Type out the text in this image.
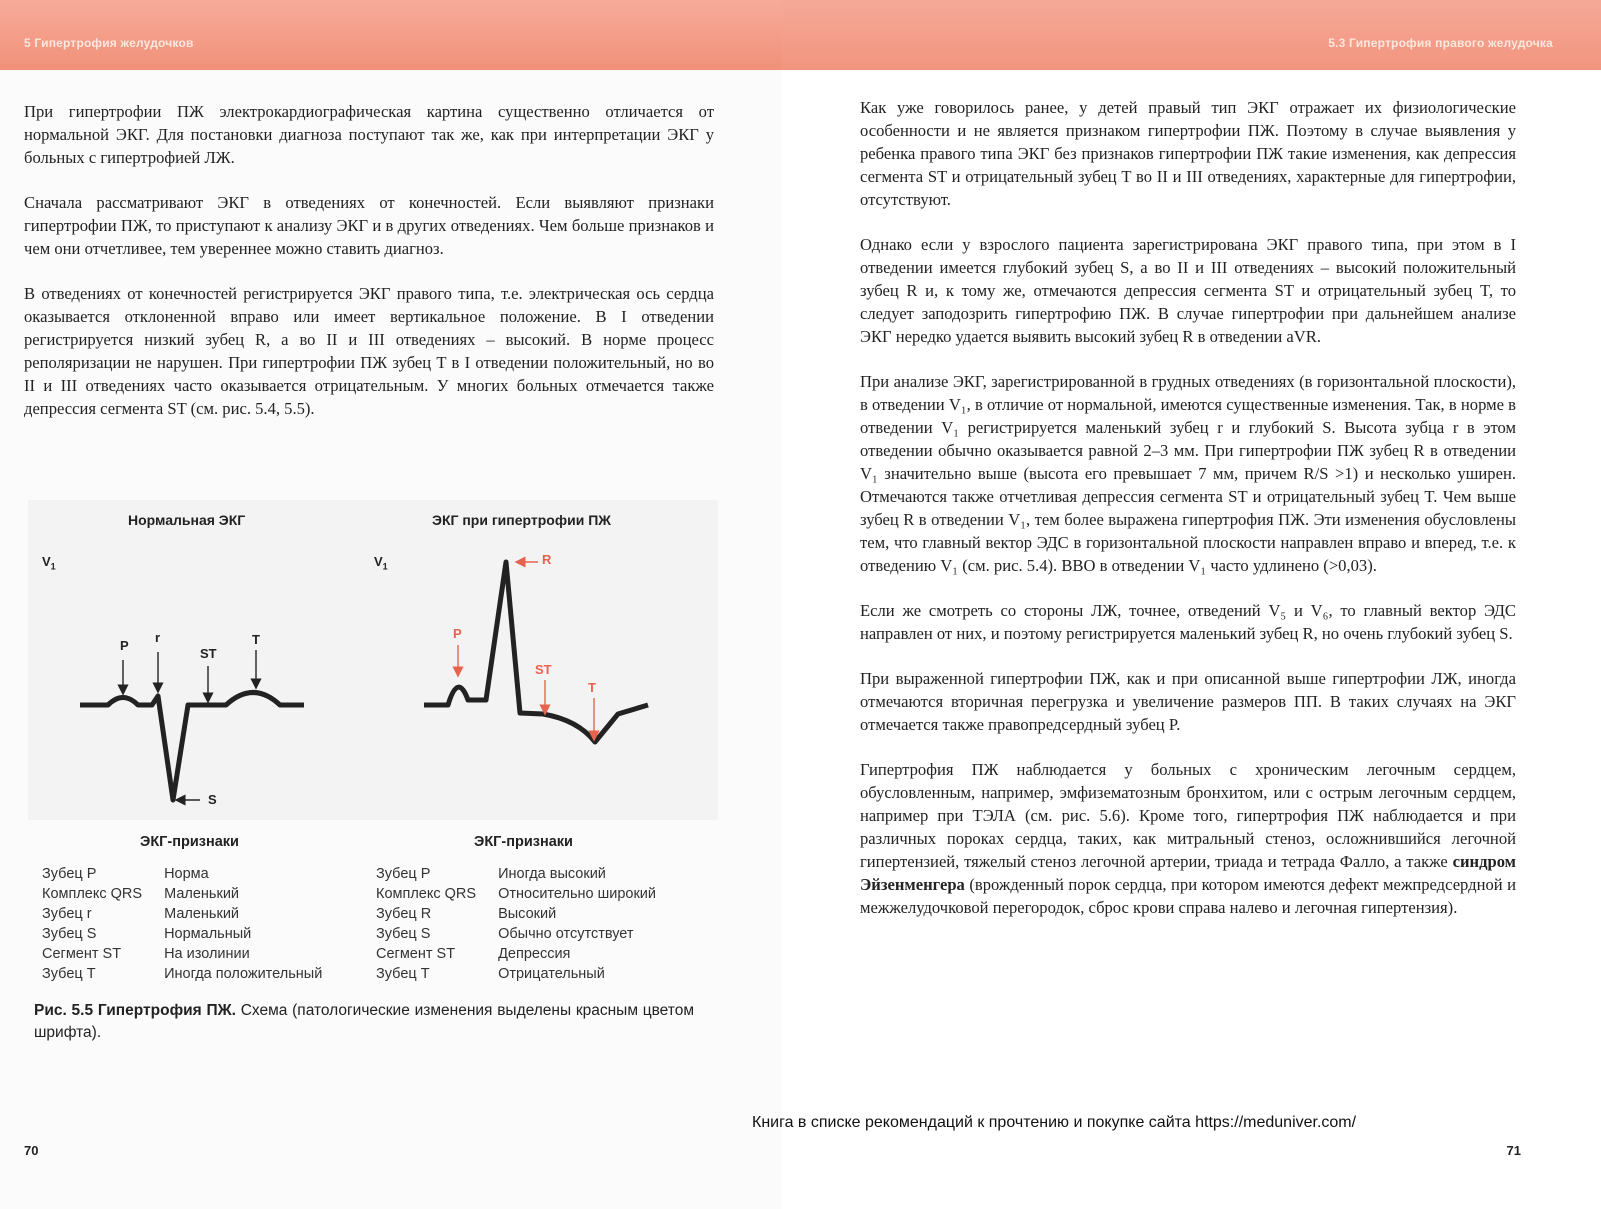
5 Гипертрофия желудочков

При гипертрофии ПЖ электрокардиографическая картина существенно отличается от нормальной ЭКГ. Для постановки диагноза поступают так же, как при интерпретации ЭКГ у больных с гипертрофией ЛЖ.

Сначала рассматривают ЭКГ в отведениях от конечностей. Если выявляют признаки гипертрофии ПЖ, то приступают к анализу ЭКГ и в других отведениях. Чем больше признаков и чем они отчетливее, тем увереннее можно ставить диагноз.

В отведениях от конечностей регистрируется ЭКГ правого типа, т.е. электрическая ось сердца оказывается отклоненной вправо или имеет вертикальное положение. В I отведении регистрируется низкий зубец R, а во II и III отведениях – высокий. В норме процесс реполяризации не нарушен. При гипертрофии ПЖ зубец T в I отведении положительный, но во II и III отведениях часто оказывается отрицательным. У многих больных отмечается также депрессия сегмента ST (см. рис. 5.4, 5.5).

Нормальная ЭКГ	ЭКГ при гипертрофии ПЖ
$V_1$	$V_1$
P
r
ST
T
S
R
P
ST
T
ЭКГ-признаки	ЭКГ-признаки
Зубец P	Норма
Комплекс QRS	Маленький
Зубец r	Маленький
Зубец S	Нормальный
Сегмент ST	На изолинии
Зубец T	Иногда положительный
Зубец P	Иногда высокий
Комплекс QRS	Относительно широкий
Зубец R	Высокий
Зубец S	Обычно отсутствует
Сегмент ST	Депрессия
Зубец T	Отрицательный
Рис. 5.5 Гипертрофия ПЖ. Схема (патологические изменения выделены красным цветом шрифта).
70
5.3 Гипертрофия правого желудочка

Как уже говорилось ранее, у детей правый тип ЭКГ отражает их физиологические особенности и не является признаком гипертрофии ПЖ. Поэтому в случае выявления у ребенка правого типа ЭКГ без признаков гипертрофии ПЖ такие изменения, как депрессия сегмента ST и отрицательный зубец T во II и III отведениях, характерные для гипертрофии, отсутствуют.

Однако если у взрослого пациента зарегистрирована ЭКГ правого типа, при этом в I отведении имеется глубокий зубец S, а во II и III отведениях – высокий положительный зубец R и, к тому же, отмечаются депрессия сегмента ST и отрицательный зубец T, то следует заподозрить гипертрофию ПЖ. В случае гипертрофии при дальнейшем анализе ЭКГ нередко удается выявить высокий зубец R в отведении aVR.

При анализе ЭКГ, зарегистрированной в грудных отведениях (в горизонтальной плоскости), в отведении V₁, в отличие от нормальной, имеются существенные изменения. Так, в норме в отведении V₁ регистрируется маленький зубец r и глубокий S. Высота зубца r в этом отведении обычно оказывается равной 2–3 мм. При гипертрофии ПЖ зубец R в отведении V₁ значительно выше (высота его превышает 7 мм, причем R/S >1) и несколько уширен. Отмечаются также отчетливая депрессия сегмента ST и отрицательный зубец T. Чем выше зубец R в отведении V₁, тем более выражена гипертрофия ПЖ. Эти изменения обусловлены тем, что главный вектор ЭДС в горизонтальной плоскости направлен вправо и вперед, т.е. к отведению V₁ (см. рис. 5.4). ВВО в отведении V₁ часто удлинено (>0,03).

Если же смотреть со стороны ЛЖ, точнее, отведений V₅ и V₆, то главный вектор ЭДС направлен от них, и поэтому регистрируется маленький зубец R, но очень глубокий зубец S.

При выраженной гипертрофии ПЖ, как и при описанной выше гипертрофии ЛЖ, иногда отмечаются вторичная перегрузка и увеличение размеров ПП. В таких случаях на ЭКГ отмечается также правопредсердный зубец P.

Гипертрофия ПЖ наблюдается у больных с хроническим легочным сердцем, обусловленным, например, эмфизематозным бронхитом, или с острым легочным сердцем, например при ТЭЛА (см. рис. 5.6). Кроме того, гипертрофия ПЖ наблюдается и при различных пороках сердца, таких, как митральный стеноз, осложнившийся легочной гипертензией, тяжелый стеноз легочной артерии, триада и тетрада Фалло, а также синдром Эйзенменгера (врожденный порок сердца, при котором имеются дефект межпредсердной и межжелудочковой перегородок, сброс крови справа налево и легочная гипертензия).

71
Книга в списке рекомендаций к прочтению и покупке сайта https://meduniver.com/
